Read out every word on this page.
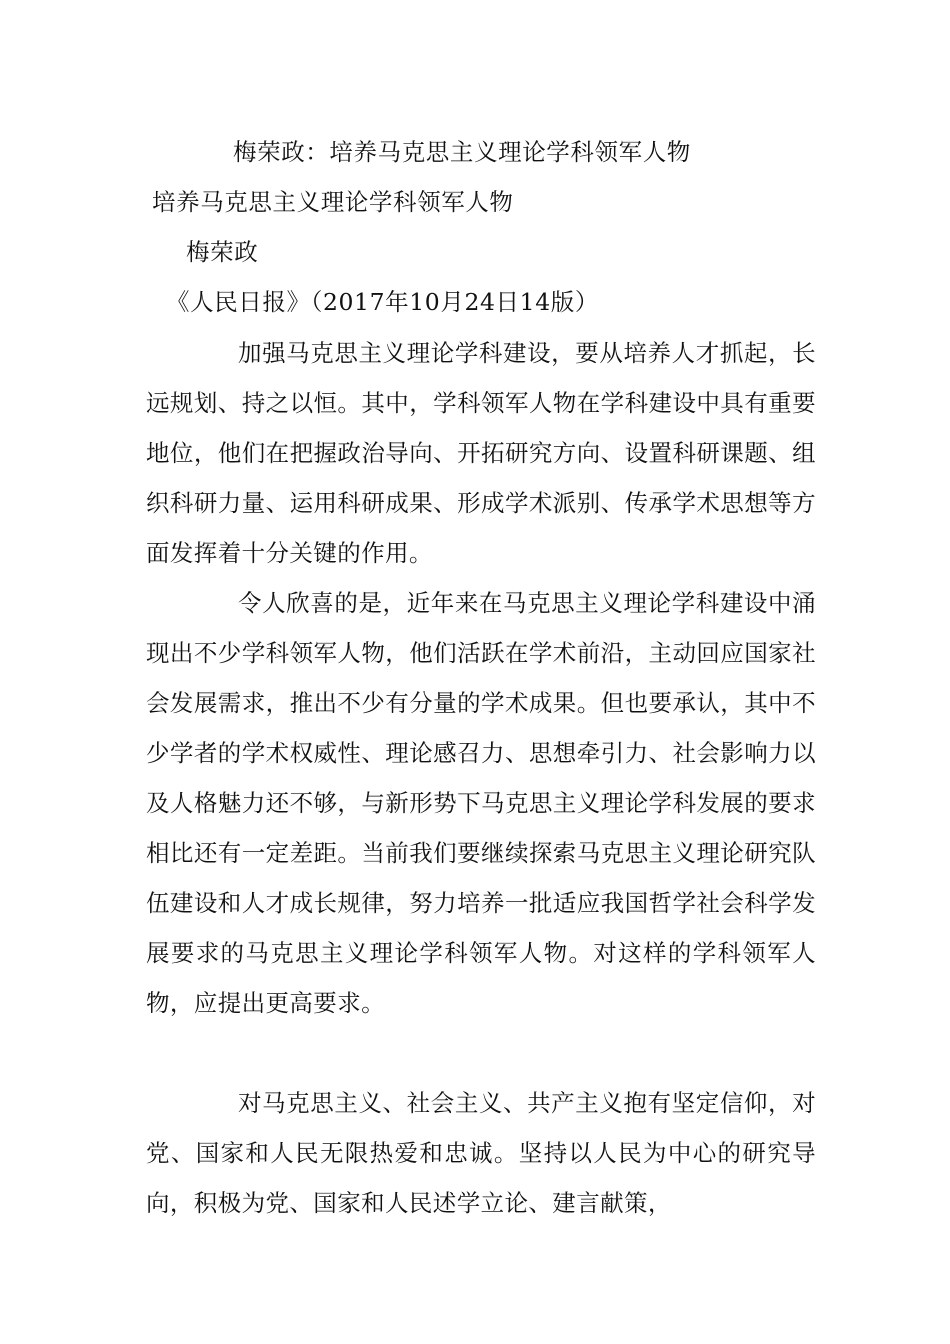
梅荣政：培养马克思主义理论学科领军人物
培养马克思主义理论学科领军人物
梅荣政
《人民日报》（2017年10月24日14版）

加强马克思主义理论学科建设，要从培养人才抓起，长远规划、持之以恒。其中，学科领军人物在学科建设中具有重要地位，他们在把握政治导向、开拓研究方向、设置科研课题、组织科研力量、运用科研成果、形成学术派别、传承学术思想等方面发挥着十分关键的作用。

令人欣喜的是，近年来在马克思主义理论学科建设中涌现出不少学科领军人物，他们活跃在学术前沿，主动回应国家社会发展需求，推出不少有分量的学术成果。但也要承认，其中不少学者的学术权威性、理论感召力、思想牵引力、社会影响力以及人格魅力还不够，与新形势下马克思主义理论学科发展的要求相比还有一定差距。当前我们要继续探索马克思主义理论研究队伍建设和人才成长规律，努力培养一批适应我国哲学社会科学发展要求的马克思主义理论学科领军人物。对这样的学科领军人物，应提出更高要求。

对马克思主义、社会主义、共产主义抱有坚定信仰，对党、国家和人民无限热爱和忠诚。坚持以人民为中心的研究导向，积极为党、国家和人民述学立论、建言献策，
